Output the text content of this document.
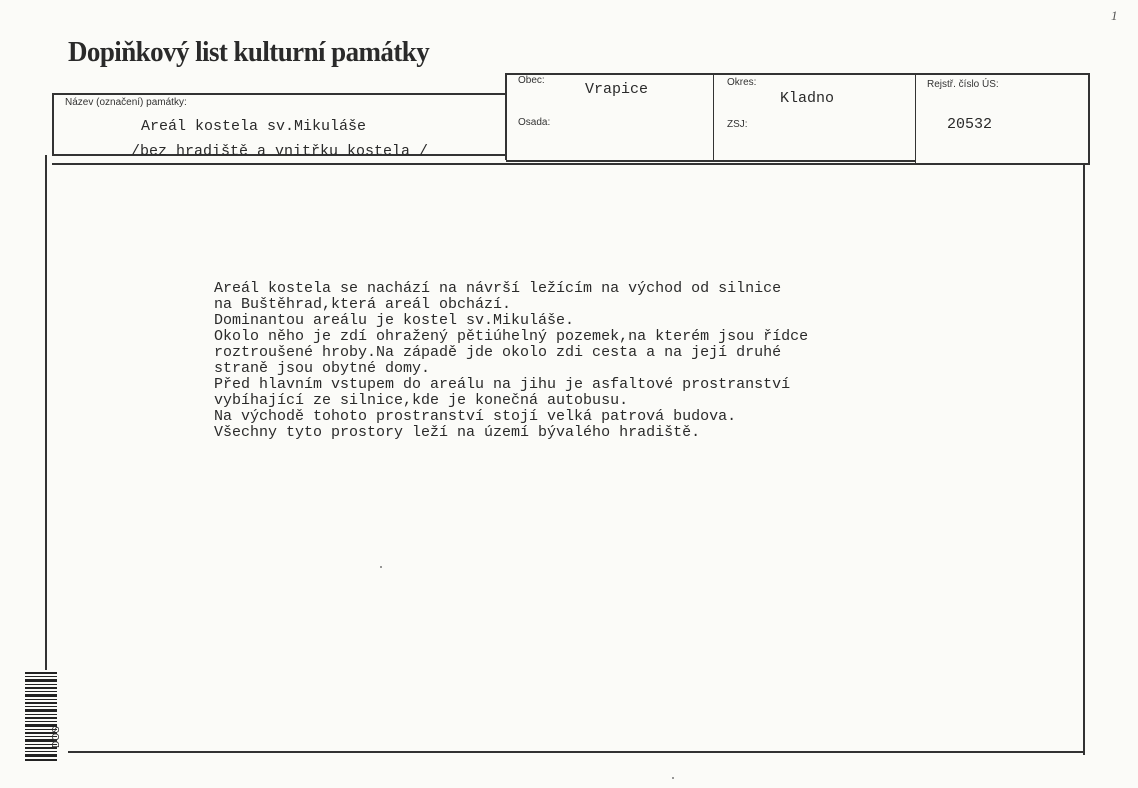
1
Dopiňkový list kulturní památky
Název (označení) památky:
Obec:
Osada:
Okres:
ZSJ:
Rejstř. číslo ÚS:
Areál kostela sv.Mikuláše
/bez hradiště a vnitřku kostela /
Vrapice
Kladno
20532
Areál kostela se nachází na návrší ležícím na východ od silnice
na Buštěhrad,která areál obchází.
Dominantou areálu je kostel sv.Mikuláše.
Okolo něho je zdí ohražený pětiúhelný pozemek,na kterém jsou řídce
roztroušené hroby.Na západě jde okolo zdi cesta a na její druhé
straně jsou obytné domy.
Před hlavním vstupem do areálu na jihu je asfaltové prostranství
vybíhající ze silnice,kde je konečná autobusu.
Na východě tohoto prostranství stojí velká patrová budova.
Všechny tyto prostory leží na území bývalého hradiště.
DOS
